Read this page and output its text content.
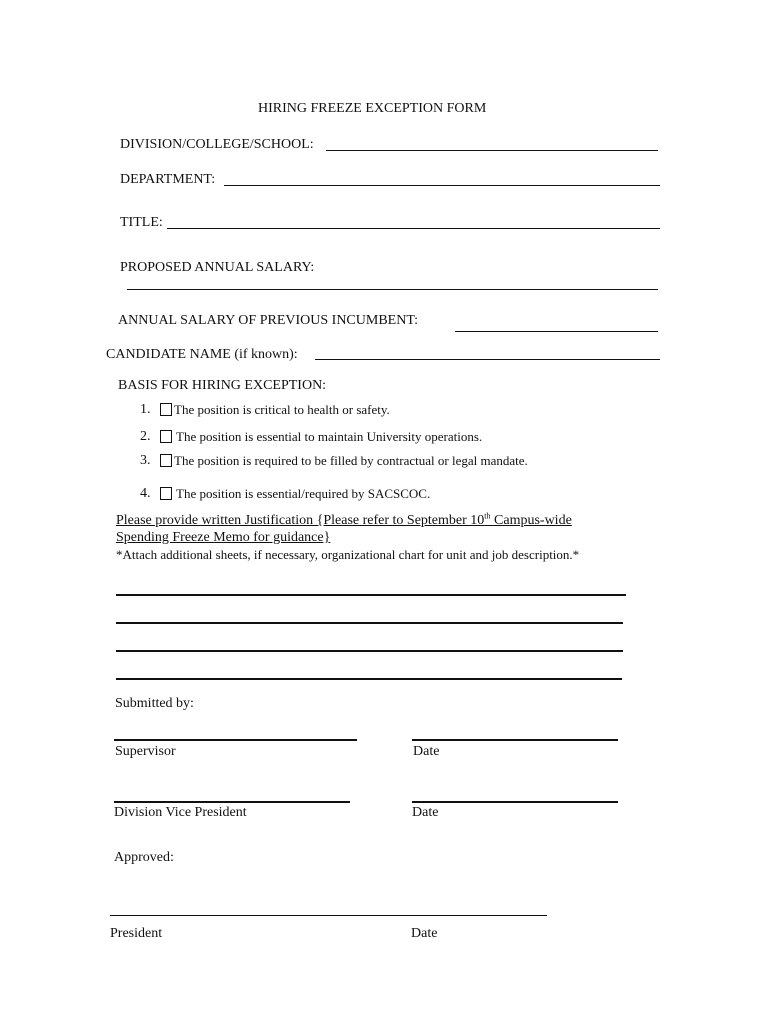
HIRING FREEZE EXCEPTION FORM
DIVISION/COLLEGE/SCHOOL:
DEPARTMENT:
TITLE:
PROPOSED ANNUAL SALARY:
ANNUAL SALARY OF PREVIOUS INCUMBENT:
CANDIDATE NAME (if known):
BASIS FOR HIRING EXCEPTION:
1. The position is critical to health or safety.
2. The position is essential to maintain University operations.
3. The position is required to be filled by contractual or legal mandate.
4. The position is essential/required by SACSCOC.
Please provide written Justification {Please refer to September 10th Campus-wide
Spending Freeze Memo for guidance}
*Attach additional sheets, if necessary, organizational chart for unit and job description.*
Submitted by:
Supervisor	Date
Division Vice President	Date
Approved:
President	Date
